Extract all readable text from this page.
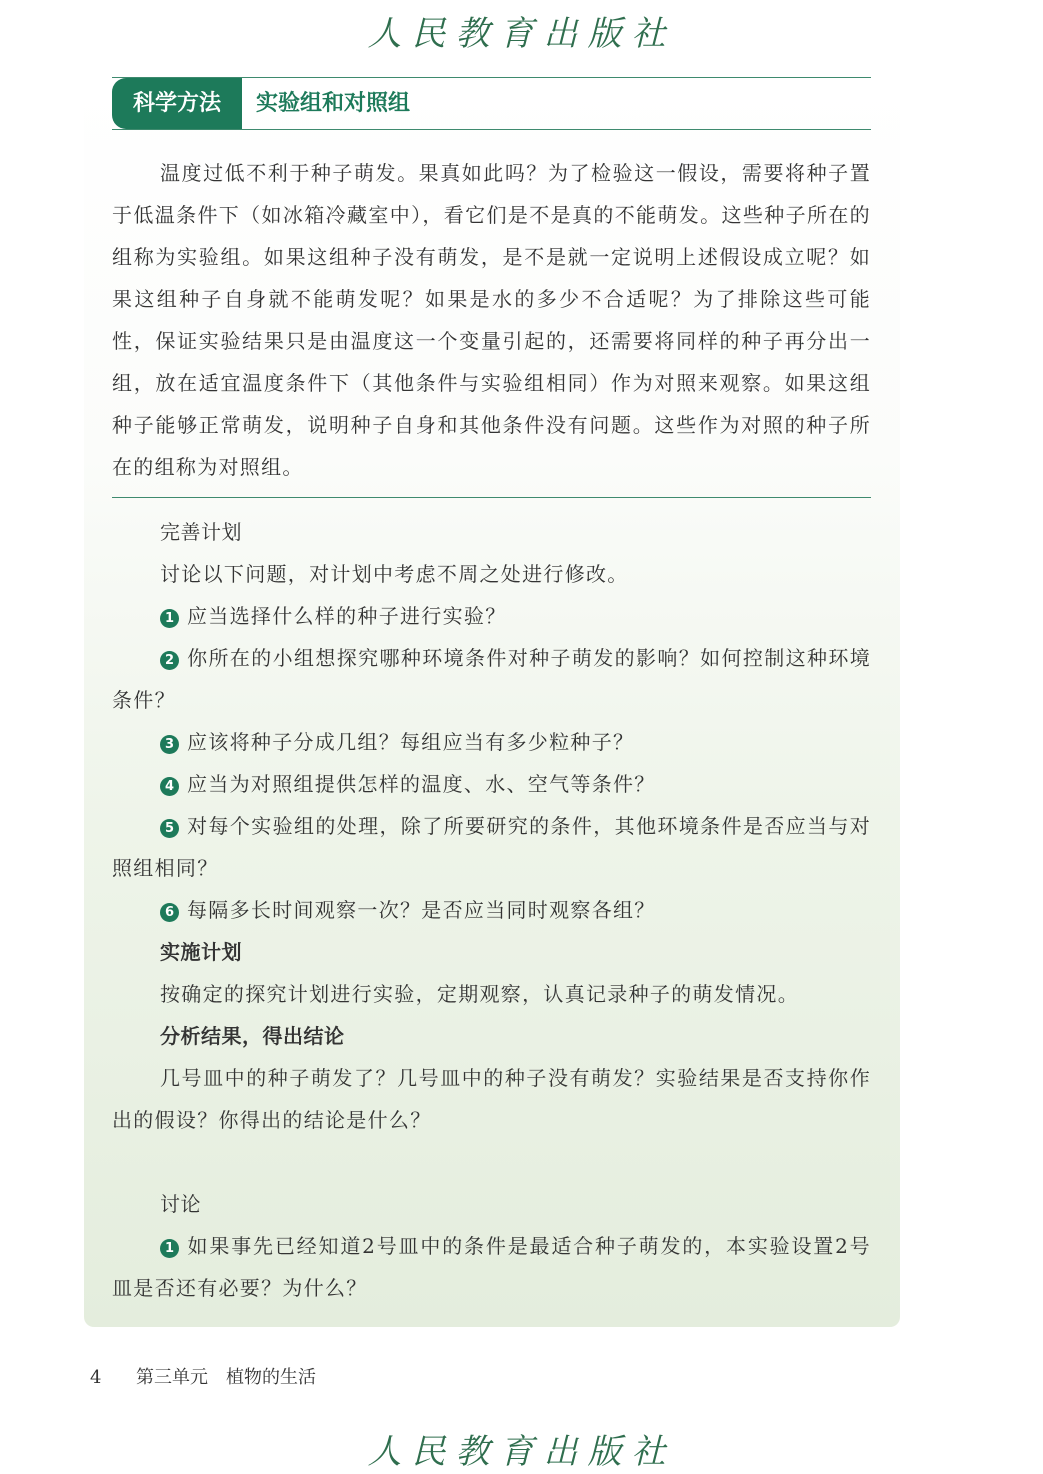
人民教育出版社
科学方法	实验组和对照组

温度过低不利于种子萌发。果真如此吗？为了检验这一假设，需要将种子置于低温条件下（如冰箱冷藏室中），看它们是不是真的不能萌发。这些种子所在的组称为实验组。如果这组种子没有萌发，是不是就一定说明上述假设成立呢？如果这组种子自身就不能萌发呢？如果是水的多少不合适呢？为了排除这些可能性，保证实验结果只是由温度这一个变量引起的，还需要将同样的种子再分出一组，放在适宜温度条件下（其他条件与实验组相同）作为对照来观察。如果这组种子能够正常萌发，说明种子自身和其他条件没有问题。这些作为对照的种子所在的组称为对照组。

完善计划

讨论以下问题，对计划中考虑不周之处进行修改。

1 应当选择什么样的种子进行实验？

2 你所在的小组想探究哪种环境条件对种子萌发的影响？如何控制这种环境条件？

3 应该将种子分成几组？每组应当有多少粒种子？

4 应当为对照组提供怎样的温度、水、空气等条件？

5 对每个实验组的处理，除了所要研究的条件，其他环境条件是否应当与对照组相同？

6 每隔多长时间观察一次？是否应当同时观察各组？

实施计划

按确定的探究计划进行实验，定期观察，认真记录种子的萌发情况。

分析结果，得出结论

几号皿中的种子萌发了？几号皿中的种子没有萌发？实验结果是否支持你作出的假设？你得出的结论是什么？

讨论

1 如果事先已经知道2号皿中的条件是最适合种子萌发的，本实验设置2号皿是否还有必要？为什么？

4 第三单元　植物的生活
人民教育出版社
